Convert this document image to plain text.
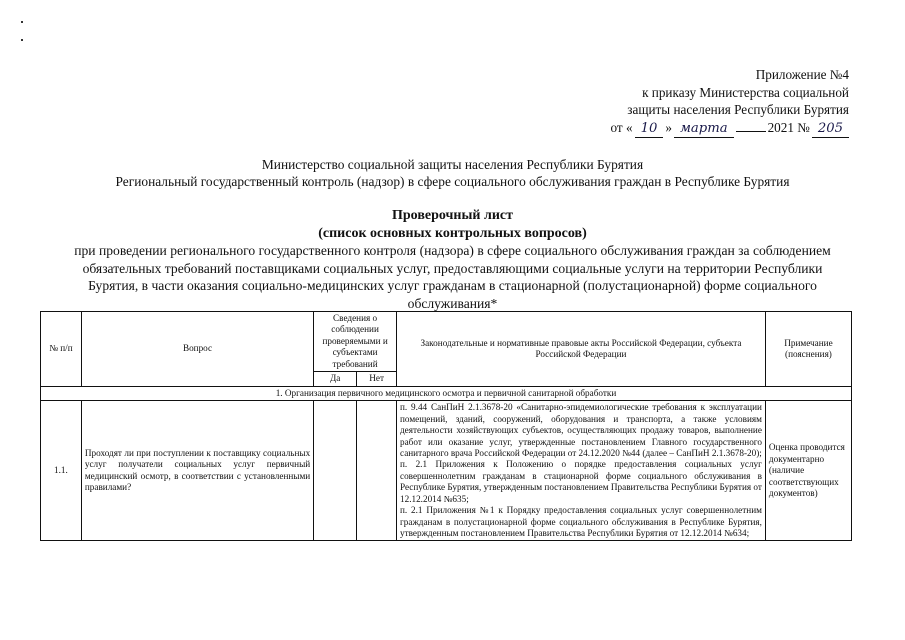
Приложение №4
к приказу Министерства социальной
защиты населения Республики Бурятия
от « 10 » марта	2021 № 205
Министерство социальной защиты населения Республики Бурятия
Региональный государственный контроль (надзор) в сфере социального обслуживания граждан в Республике Бурятия
Проверочный лист
(список основных контрольных вопросов)
при проведении регионального государственного контроля (надзора) в сфере социального обслуживания граждан за соблюдением обязательных требований поставщиками социальных услуг, предоставляющими социальные услуги на территории Республики Бурятия, в части оказания социально-медицинских услуг гражданам в стационарной (полустационарной) форме социального обслуживания*
№ п/п	Вопрос	Сведения о соблюдении проверяемыми и субъектами требований		Законодательные и нормативные правовые акты Российской Федерации, субъекта Российской Федерации	Примечание (пояснения)
		Да	Нет		
1. Организация первичного медицинского осмотра и первичной санитарной обработки					
1.1.	Проходят ли при поступлении к поставщику социальных услуг получатели социальных услуг первичный медицинский осмотр, в соответствии с установленными правилами?			п. 9.44 СанПиН 2.1.3678-20 «Санитарно-эпидемиологические требования к эксплуатации помещений, зданий, сооружений, оборудования и транспорта, а также условиям деятельности хозяйствующих субъектов, осуществляющих продажу товаров, выполнение работ или оказание услуг, утвержденные постановлением Главного государственного санитарного врача Российской Федерации от 24.12.2020 №44 (далее – СанПиН 2.1.3678-20);

п. 2.1 Приложения к Положению о порядке предоставления социальных услуг совершеннолетним гражданам в стационарной форме социального обслуживания в Республике Бурятия, утвержденным постановлением Правительства Республики Бурятия от 12.12.2014 №635;

п. 2.1 Приложения №1 к Порядку предоставления социальных услуг совершеннолетним гражданам в полустационарной форме социального обслуживания в Республике Бурятия, утвержденным постановлением Правительства Республики Бурятия от 12.12.2014 №634;	Оценка проводится документарно (наличие соответствующих документов)
